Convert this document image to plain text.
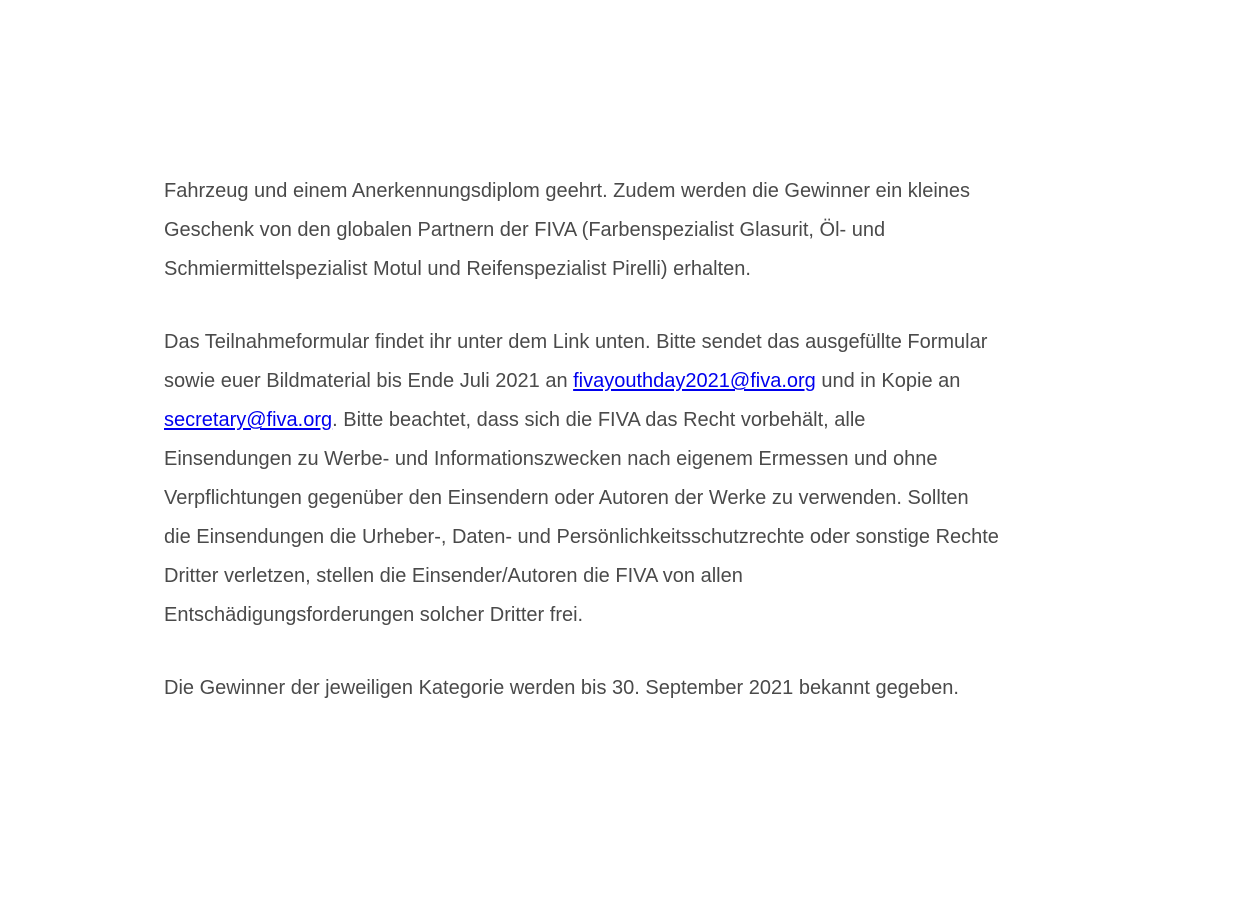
Fahrzeug und einem Anerkennungsdiplom geehrt. Zudem werden die Gewinner ein kleines
Geschenk von den globalen Partnern der FIVA (Farbenspezialist Glasurit, Öl- und
Schmiermittelspezialist Motul und Reifenspezialist Pirelli) erhalten.
Das Teilnahmeformular findet ihr unter dem Link unten. Bitte sendet das ausgefüllte Formular
sowie euer Bildmaterial bis Ende Juli 2021 an fivayouthday2021@fiva.org und in Kopie an
secretary@fiva.org. Bitte beachtet, dass sich die FIVA das Recht vorbehält, alle
Einsendungen zu Werbe- und Informationszwecken nach eigenem Ermessen und ohne
Verpflichtungen gegenüber den Einsendern oder Autoren der Werke zu verwenden. Sollten
die Einsendungen die Urheber-, Daten- und Persönlichkeitsschutzrechte oder sonstige Rechte
Dritter verletzen, stellen die Einsender/Autoren die FIVA von allen
Entschädigungsforderungen solcher Dritter frei.
Die Gewinner der jeweiligen Kategorie werden bis 30. September 2021 bekannt gegeben.
